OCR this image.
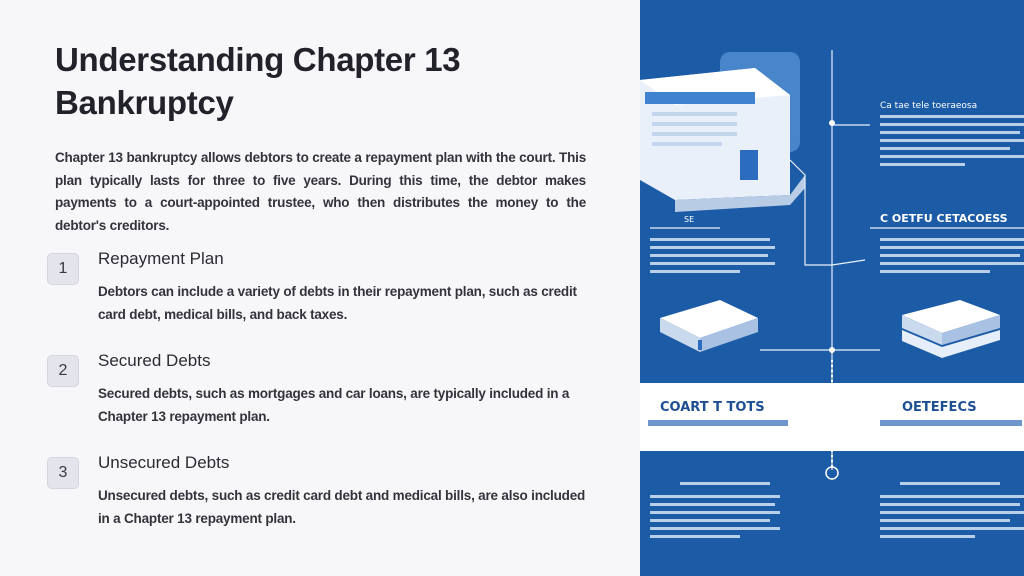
Understanding Chapter 13 Bankruptcy
Chapter 13 bankruptcy allows debtors to create a repayment plan with the court. This plan typically lasts for three to five years. During this time, the debtor makes payments to a court-appointed trustee, who then distributes the money to the debtor's creditors.
1
Repayment Plan
Debtors can include a variety of debts in their repayment plan, such as credit card debt, medical bills, and back taxes.
2
Secured Debts
Secured debts, such as mortgages and car loans, are typically included in a Chapter 13 repayment plan.
3
Unsecured Debts
Unsecured debts, such as credit card debt and medical bills, are also included in a Chapter 13 repayment plan.
Ca tae tele toeraeosa
SE	C OETFU CETACOESS
COART T TOTS	OETEFECS
